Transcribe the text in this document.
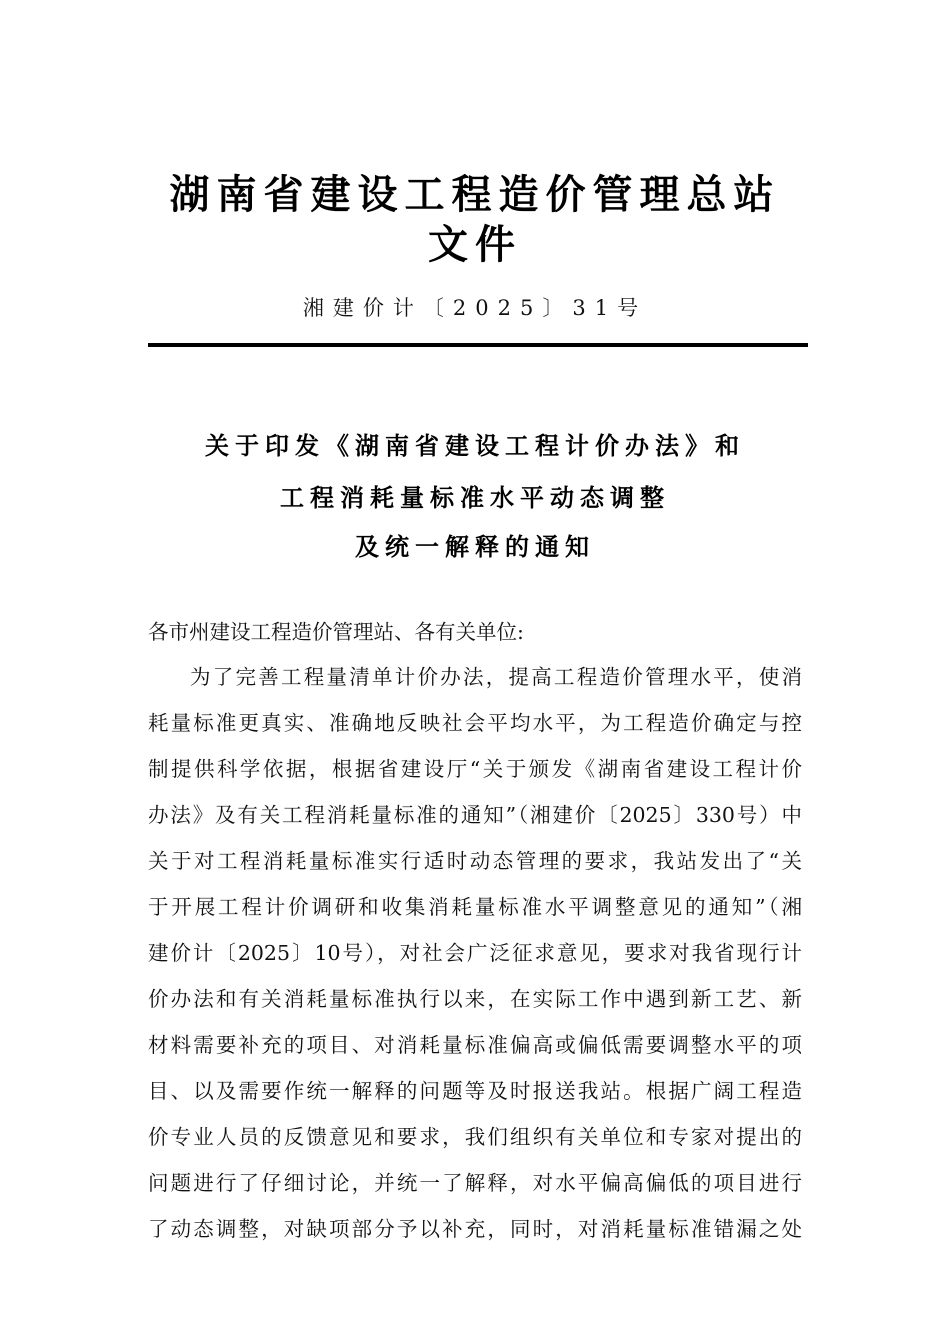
湖南省建设工程造价管理总站
文件
湘建价计〔2025〕31号
关于印发《湖南省建设工程计价办法》和
工程消耗量标准水平动态调整
及统一解释的通知
各市州建设工程造价管理站、各有关单位:
为了完善工程量清单计价办法，提高工程造价管理水平，使消
耗量标准更真实、准确地反映社会平均水平，为工程造价确定与控
制提供科学依据，根据省建设厅“关于颁发《湖南省建设工程计价
办法》及有关工程消耗量标准的通知”（湘建价〔2025〕330号）中
关于对工程消耗量标准实行适时动态管理的要求，我站发出了“关
于开展工程计价调研和收集消耗量标准水平调整意见的通知”（湘
建价计〔2025〕10号），对社会广泛征求意见，要求对我省现行计
价办法和有关消耗量标准执行以来，在实际工作中遇到新工艺、新
材料需要补充的项目、对消耗量标准偏高或偏低需要调整水平的项
目、以及需要作统一解释的问题等及时报送我站。根据广阔工程造
价专业人员的反馈意见和要求，我们组织有关单位和专家对提出的
问题进行了仔细讨论，并统一了解释，对水平偏高偏低的项目进行
了动态调整，对缺项部分予以补充，同时，对消耗量标准错漏之处
